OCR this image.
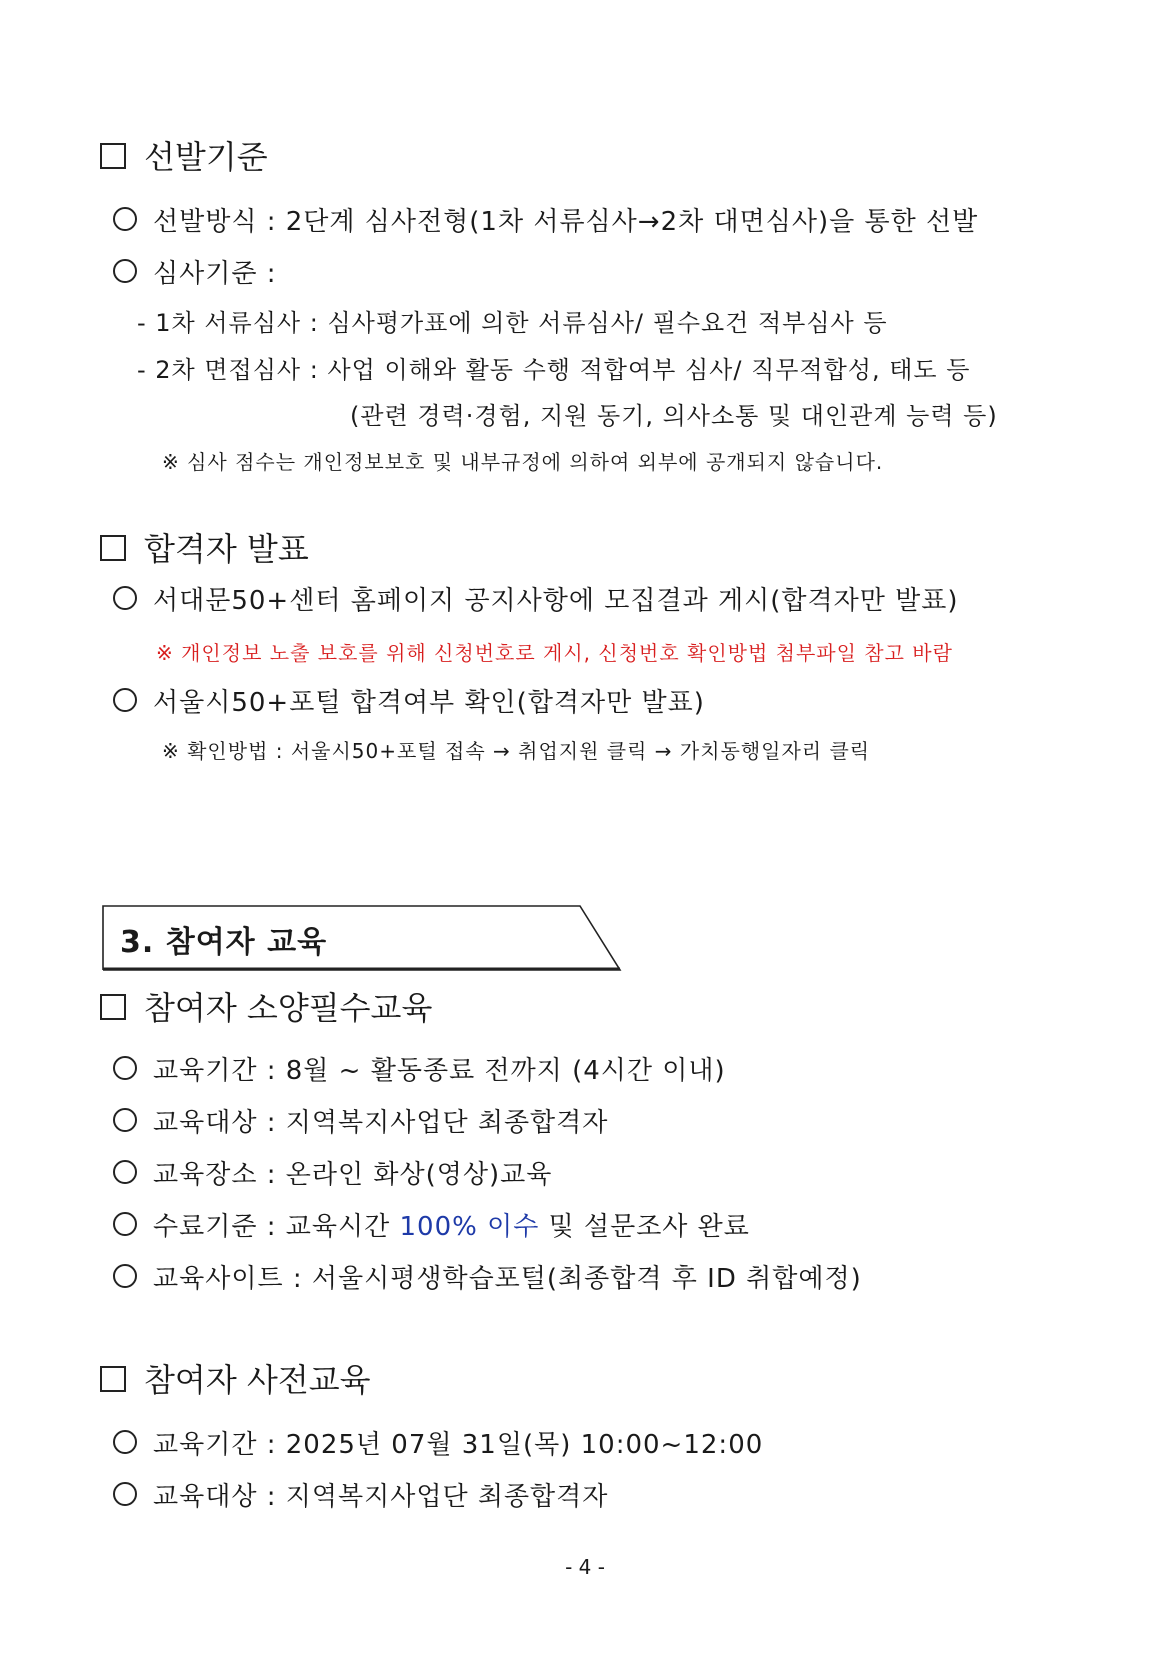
선발기준
선발방식 : 2단계 심사전형(1차 서류심사→2차 대면심사)을 통한 선발
심사기준 :
- 1차 서류심사 : 심사평가표에 의한 서류심사/ 필수요건 적부심사 등
- 2차 면접심사 : 사업 이해와 활동 수행 적합여부 심사/ 직무적합성, 태도 등
(관련 경력·경험, 지원 동기, 의사소통 및 대인관계 능력 등)
※ 심사 점수는 개인정보보호 및 내부규정에 의하여 외부에 공개되지 않습니다.
합격자 발표
서대문50+센터 홈페이지 공지사항에 모집결과 게시(합격자만 발표)
※ 개인정보 노출 보호를 위해 신청번호로 게시, 신청번호 확인방법 첨부파일 참고 바람
서울시50+포털 합격여부 확인(합격자만 발표)
※ 확인방법 : 서울시50+포털 접속 → 취업지원 클릭 → 가치동행일자리 클릭
3. 참여자 교육
참여자 소양필수교육
교육기간 : 8월 ~ 활동종료 전까지 (4시간 이내)
교육대상 : 지역복지사업단 최종합격자
교육장소 : 온라인 화상(영상)교육
수료기준 : 교육시간 100% 이수 및 설문조사 완료
교육사이트 : 서울시평생학습포털(최종합격 후 ID 취합예정)
참여자 사전교육
교육기간 : 2025년 07월 31일(목) 10:00~12:00
교육대상 : 지역복지사업단 최종합격자
- 4 -
